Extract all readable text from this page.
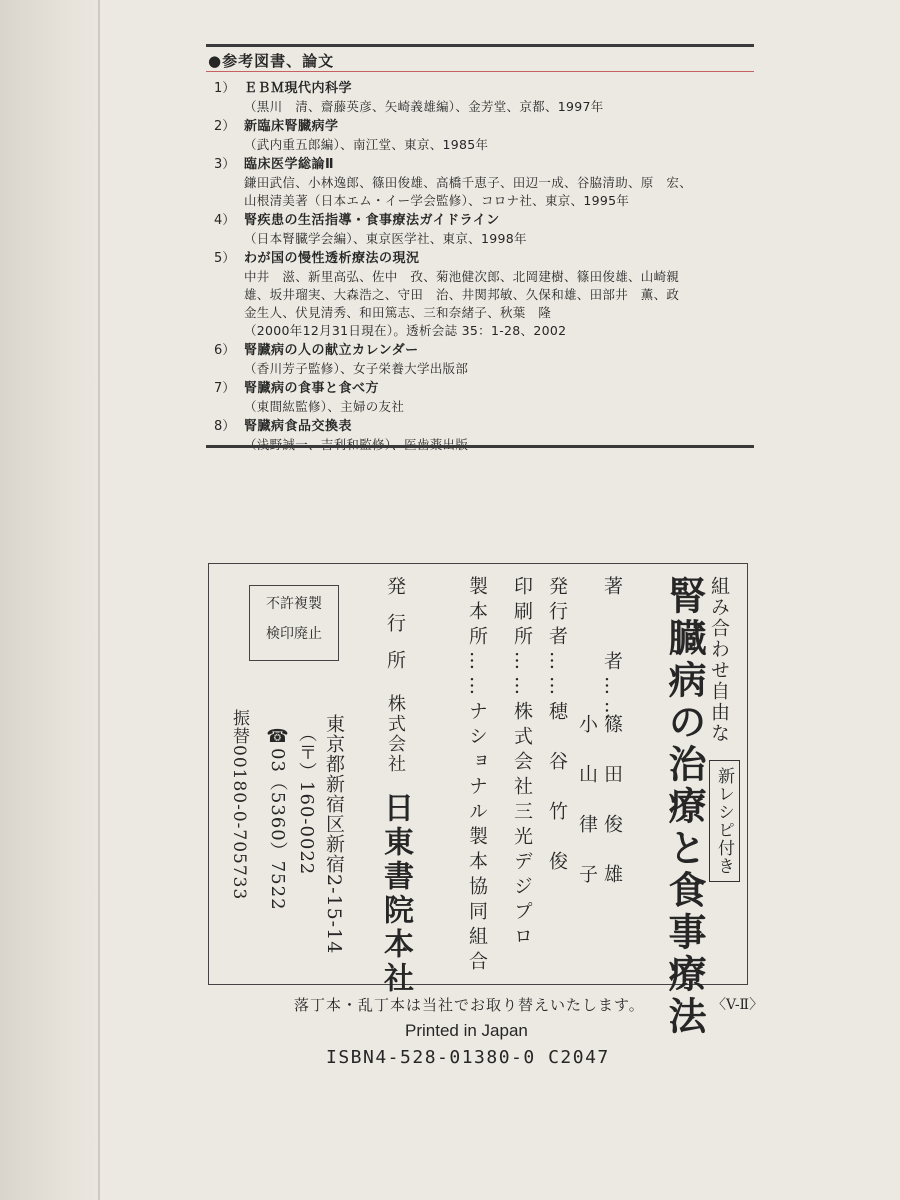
●参考図書、論文
1） ＥＢＭ現代内科学
（黒川　清、齋藤英彦、矢崎義雄編）、金芳堂、京都、1997年
2） 新臨床腎臓病学
（武内重五郎編）、南江堂、東京、1985年
3） 臨床医学総論Ⅱ
鎌田武信、小林逸郎、篠田俊雄、高橋千恵子、田辺一成、谷脇清助、原　宏、
山根清美著（日本エム・イー学会監修）、コロナ社、東京、1995年
4） 腎疾患の生活指導・食事療法ガイドライン
（日本腎臓学会編）、東京医学社、東京、1998年
5） わが国の慢性透析療法の現況
中井　滋、新里高弘、佐中　孜、菊池健次郎、北岡建樹、篠田俊雄、山崎親
雄、坂井瑠実、大森浩之、守田　治、井関邦敏、久保和雄、田部井　薫、政
金生人、伏見清秀、和田篤志、三和奈緒子、秋葉　隆
（2000年12月31日現在）。透析会誌 35：1-28、2002
6） 腎臓病の人の献立カレンダー
（香川芳子監修）、女子栄養大学出版部
7） 腎臓病の食事と食べ方
（東間紘監修）、主婦の友社
8） 腎臓病食品交換表
組み合わせ自由な
新レシピ付き
腎臓病の治療と食事療法
著　　者……
篠　田　俊　雄
小　山　律　子
発行者……穂　谷　竹　俊
印刷所……株式会社三光デジプロ
製本所……ナショナル製本協同組合
発行所
株式会社
日東書院本社
東京都新宿区新宿2-15-14
（〒）160-0022
☎03（5360）7522
振替00180-0-705733
不許複製
検印廃止
落丁本・乱丁本は当社でお取り替えいたします。	〈V-Ⅱ〉
Printed in Japan
ISBN4-528-01380-0 C2047
